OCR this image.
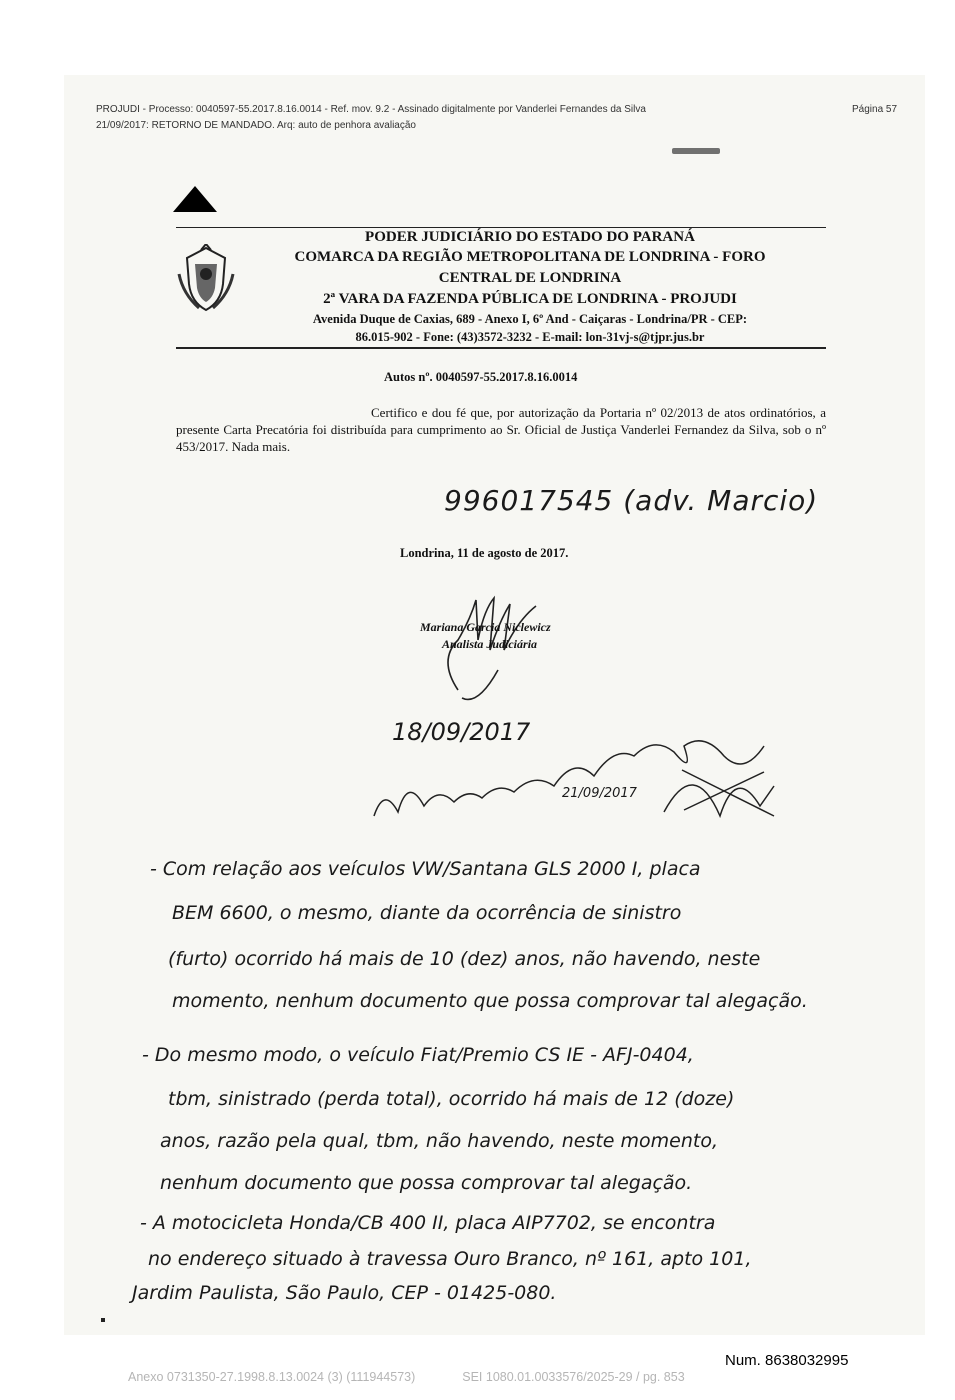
PROJUDI - Processo: 0040597-55.2017.8.16.0014 - Ref. mov. 9.2 - Assinado digitalmente por Vanderlei Fernandes da Silva
21/09/2017: RETORNO DE MANDADO. Arq: auto de penhora avaliação
Página 57
PODER JUDICIÁRIO DO ESTADO DO PARANÁ
COMARCA DA REGIÃO METROPOLITANA DE LONDRINA - FORO
CENTRAL DE LONDRINA
2ª VARA DA FAZENDA PÚBLICA DE LONDRINA - PROJUDI
Avenida Duque de Caxias, 689 - Anexo I, 6º And - Caiçaras - Londrina/PR - CEP:
86.015-902 - Fone: (43)3572-3232 - E-mail: lon-31vj-s@tjpr.jus.br
Autos nº. 0040597-55.2017.8.16.0014
Certifico e dou fé que, por autorização da Portaria nº 02/2013 de atos ordinatórios, a presente Carta Precatória foi distribuída para cumprimento ao Sr. Oficial de Justiça Vanderlei Fernandez da Silva, sob o nº 453/2017. Nada mais.
996017545 (adv. Marcio)
Londrina, 11 de agosto de 2017.
Mariana Garcia Niclewicz
Analista Judiciária
18/09/2017
21/09/2017
- Com relação aos veículos VW/Santana GLS 2000 I, placa
BEM 6600, o mesmo, diante da ocorrência de sinistro
(furto) ocorrido há mais de 10 (dez) anos, não havendo, neste
momento, nenhum documento que possa comprovar tal alegação.
- Do mesmo modo, o veículo Fiat/Premio CS IE - AFJ-0404,
tbm, sinistrado (perda total), ocorrido há mais de 12 (doze)
anos, razão pela qual, tbm, não havendo, neste momento,
nenhum documento que possa comprovar tal alegação.
- A motocicleta Honda/CB 400 II, placa AIP7702, se encontra
no endereço situado à travessa Ouro Branco, nº 161, apto 101,
Jardim Paulista, São Paulo, CEP - 01425-080.
Num. 8638032995
Anexo 0731350-27.1998.8.13.0024 (3) (111944573)	SEI 1080.01.0033576/2025-29 / pg. 853
